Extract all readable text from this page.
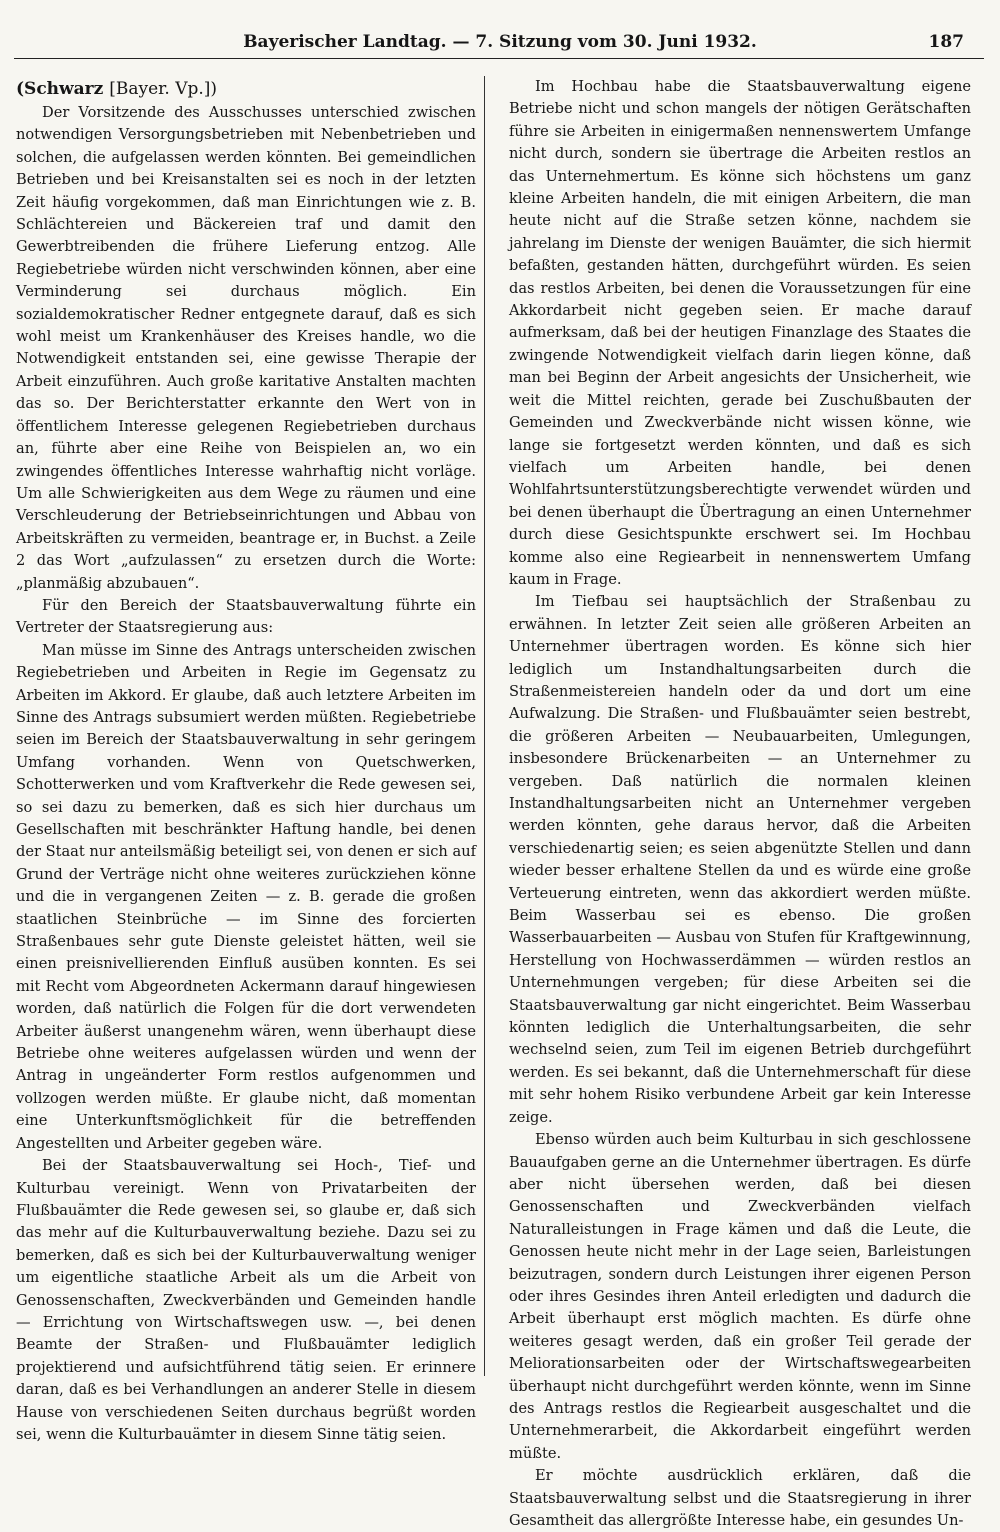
Bayerischer Landtag. — 7. Sitzung vom 30. Juni 1932.	187

(Schwarz [Bayer. Vp.])

Der Vorsitzende des Ausschusses unterschied zwischen notwendigen Versorgungsbetrieben mit Nebenbetrieben und solchen, die aufgelassen werden könnten. Bei gemeindlichen Betrieben und bei Kreisanstalten sei es noch in der letzten Zeit häufig vorgekommen, daß man Einrichtungen wie z. B. Schlächtereien und Bäckereien traf und damit den Gewerbtreibenden die frühere Lieferung entzog. Alle Regiebetriebe würden nicht verschwinden können, aber eine Verminderung sei durchaus möglich. Ein sozialdemokratischer Redner entgegnete darauf, daß es sich wohl meist um Krankenhäuser des Kreises handle, wo die Notwendigkeit entstanden sei, eine gewisse Therapie der Arbeit einzuführen. Auch große karitative Anstalten machten das so. Der Berichterstatter erkannte den Wert von in öffentlichem Interesse gelegenen Regiebetrieben durchaus an, führte aber eine Reihe von Beispielen an, wo ein zwingendes öffentliches Interesse wahrhaftig nicht vorläge. Um alle Schwierigkeiten aus dem Wege zu räumen und eine Verschleuderung der Betriebseinrichtungen und Abbau von Arbeitskräften zu vermeiden, beantrage er, in Buchst. a Zeile 2 das Wort „aufzulassen“ zu ersetzen durch die Worte: „planmäßig abzubauen“.

Für den Bereich der Staatsbauverwaltung führte ein Vertreter der Staatsregierung aus:

Man müsse im Sinne des Antrags unterscheiden zwischen Regiebetrieben und Arbeiten in Regie im Gegensatz zu Arbeiten im Akkord. Er glaube, daß auch letztere Arbeiten im Sinne des Antrags subsumiert werden müßten. Regiebetriebe seien im Bereich der Staatsbauverwaltung in sehr geringem Umfang vorhanden. Wenn von Quetschwerken, Schotterwerken und vom Kraftverkehr die Rede gewesen sei, so sei dazu zu bemerken, daß es sich hier durchaus um Gesellschaften mit beschränkter Haftung handle, bei denen der Staat nur anteilsmäßig beteiligt sei, von denen er sich auf Grund der Verträge nicht ohne weiteres zurückziehen könne und die in vergangenen Zeiten — z. B. gerade die großen staatlichen Steinbrüche — im Sinne des forcierten Straßenbaues sehr gute Dienste geleistet hätten, weil sie einen preisnivellierenden Einfluß ausüben konnten. Es sei mit Recht vom Abgeordneten Ackermann darauf hingewiesen worden, daß natürlich die Folgen für die dort verwendeten Arbeiter äußerst unangenehm wären, wenn überhaupt diese Betriebe ohne weiteres aufgelassen würden und wenn der Antrag in ungeänderter Form restlos aufgenommen und vollzogen werden müßte. Er glaube nicht, daß momentan eine Unterkunftsmöglichkeit für die betreffenden Angestellten und Arbeiter gegeben wäre.

Bei der Staatsbauverwaltung sei Hoch-, Tief- und Kulturbau vereinigt. Wenn von Privatarbeiten der Flußbauämter die Rede gewesen sei, so glaube er, daß sich das mehr auf die Kulturbauverwaltung beziehe. Dazu sei zu bemerken, daß es sich bei der Kulturbauverwaltung weniger um eigentliche staatliche Arbeit als um die Arbeit von Genossenschaften, Zweckverbänden und Gemeinden handle — Errichtung von Wirtschaftswegen usw. —, bei denen Beamte der Straßen- und Flußbauämter lediglich projektierend und aufsichtführend tätig seien. Er erinnere daran, daß es bei Verhandlungen an anderer Stelle in diesem Hause von verschiedenen Seiten durchaus begrüßt worden sei, wenn die Kulturbauämter in diesem Sinne tätig seien.

Im Hochbau habe die Staatsbauverwaltung eigene Betriebe nicht und schon mangels der nötigen Gerätschaften führe sie Arbeiten in einigermaßen nennenswertem Umfange nicht durch, sondern sie übertrage die Arbeiten restlos an das Unternehmertum. Es könne sich höchstens um ganz kleine Arbeiten handeln, die mit einigen Arbeitern, die man heute nicht auf die Straße setzen könne, nachdem sie jahrelang im Dienste der wenigen Bauämter, die sich hiermit befaßten, gestanden hätten, durchgeführt würden. Es seien das restlos Arbeiten, bei denen die Voraussetzungen für eine Akkordarbeit nicht gegeben seien. Er mache darauf aufmerksam, daß bei der heutigen Finanzlage des Staates die zwingende Notwendigkeit vielfach darin liegen könne, daß man bei Beginn der Arbeit angesichts der Unsicherheit, wie weit die Mittel reichten, gerade bei Zuschußbauten der Gemeinden und Zweckverbände nicht wissen könne, wie lange sie fortgesetzt werden könnten, und daß es sich vielfach um Arbeiten handle, bei denen Wohlfahrtsunterstützungsberechtigte verwendet würden und bei denen überhaupt die Übertragung an einen Unternehmer durch diese Gesichtspunkte erschwert sei. Im Hochbau komme also eine Regiearbeit in nennenswertem Umfang kaum in Frage.

Im Tiefbau sei hauptsächlich der Straßenbau zu erwähnen. In letzter Zeit seien alle größeren Arbeiten an Unternehmer übertragen worden. Es könne sich hier lediglich um Instandhaltungsarbeiten durch die Straßenmeistereien handeln oder da und dort um eine Aufwalzung. Die Straßen- und Flußbauämter seien bestrebt, die größeren Arbeiten — Neubauarbeiten, Umlegungen, insbesondere Brückenarbeiten — an Unternehmer zu vergeben. Daß natürlich die normalen kleinen Instandhaltungsarbeiten nicht an Unternehmer vergeben werden könnten, gehe daraus hervor, daß die Arbeiten verschiedenartig seien; es seien abgenützte Stellen und dann wieder besser erhaltene Stellen da und es würde eine große Verteuerung eintreten, wenn das akkordiert werden müßte. Beim Wasserbau sei es ebenso. Die großen Wasserbauarbeiten — Ausbau von Stufen für Kraftgewinnung, Herstellung von Hochwasserdämmen — würden restlos an Unternehmungen vergeben; für diese Arbeiten sei die Staatsbauverwaltung gar nicht eingerichtet. Beim Wasserbau könnten lediglich die Unterhaltungsarbeiten, die sehr wechselnd seien, zum Teil im eigenen Betrieb durchgeführt werden. Es sei bekannt, daß die Unternehmerschaft für diese mit sehr hohem Risiko verbundene Arbeit gar kein Interesse zeige.

Ebenso würden auch beim Kulturbau in sich geschlossene Bauaufgaben gerne an die Unternehmer übertragen. Es dürfe aber nicht übersehen werden, daß bei diesen Genossenschaften und Zweckverbänden vielfach Naturalleistungen in Frage kämen und daß die Leute, die Genossen heute nicht mehr in der Lage seien, Barleistungen beizutragen, sondern durch Leistungen ihrer eigenen Person oder ihres Gesindes ihren Anteil erledigten und dadurch die Arbeit überhaupt erst möglich machten. Es dürfe ohne weiteres gesagt werden, daß ein großer Teil gerade der Meliorationsarbeiten oder der Wirtschaftswegearbeiten überhaupt nicht durchgeführt werden könnte, wenn im Sinne des Antrags restlos die Regiearbeit ausgeschaltet und die Unternehmerarbeit, die Akkordarbeit eingeführt werden müßte.

Er möchte ausdrücklich erklären, daß die Staatsbauverwaltung selbst und die Staatsregierung in ihrer Gesamtheit das allergrößte Interesse habe, ein gesundes Un-
